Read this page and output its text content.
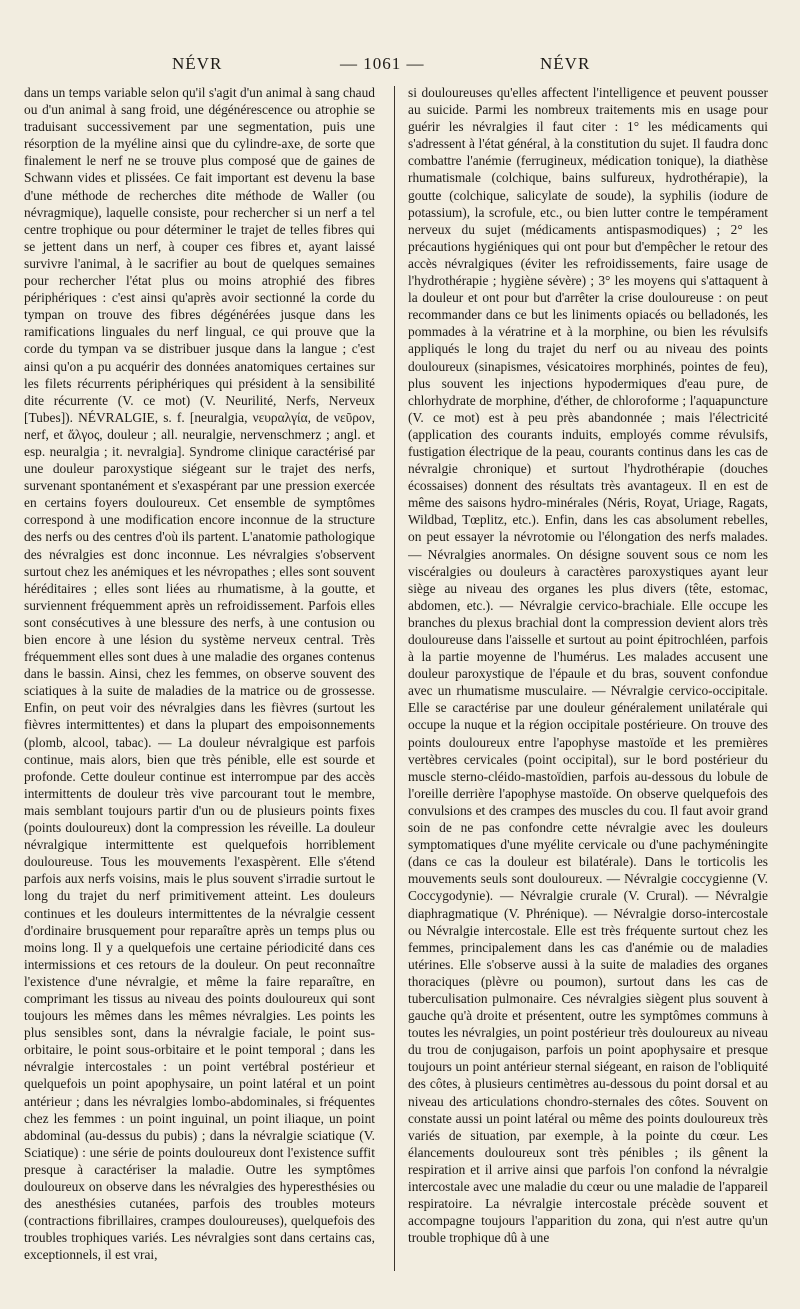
NÉVR	— 1061 —	NÉVR

dans un temps variable selon qu'il s'agit d'un animal à sang chaud ou d'un animal à sang froid, une dégénérescence ou atrophie se traduisant successivement par une segmentation, puis une résorption de la myéline ainsi que du cylindre-axe, de sorte que finalement le nerf ne se trouve plus composé que de gaines de Schwann vides et plissées. Ce fait important est devenu la base d'une méthode de recherches dite méthode de Waller (ou névragmique), laquelle consiste, pour rechercher si un nerf a tel centre trophique ou pour déterminer le trajet de telles fibres qui se jettent dans un nerf, à couper ces fibres et, ayant laissé survivre l'animal, à le sacrifier au bout de quelques semaines pour rechercher l'état plus ou moins atrophié des fibres périphériques : c'est ainsi qu'après avoir sectionné la corde du tympan on trouve des fibres dégénérées jusque dans les ramifications linguales du nerf lingual, ce qui prouve que la corde du tympan va se distribuer jusque dans la langue ; c'est ainsi qu'on a pu acquérir des données anatomiques certaines sur les filets récurrents périphériques qui président à la sensibilité dite récurrente (V. ce mot) (V. Neurilité, Nerfs, Nerveux [Tubes]). NÉVRALGIE, s. f. [neuralgia, νευραλγία, de νεῦρον, nerf, et ἄλγος, douleur ; all. neuralgie, nervenschmerz ; angl. et esp. neuralgia ; it. nevralgia]. Syndrome clinique caractérisé par une douleur paroxystique siégeant sur le trajet des nerfs, survenant spontanément et s'exaspérant par une pression exercée en certains foyers douloureux. Cet ensemble de symptômes correspond à une modification encore inconnue de la structure des nerfs ou des centres d'où ils partent. L'anatomie pathologique des névralgies est donc inconnue. Les névralgies s'observent surtout chez les anémiques et les névropathes ; elles sont souvent héréditaires ; elles sont liées au rhumatisme, à la goutte, et surviennent fréquemment après un refroidissement. Parfois elles sont consécutives à une blessure des nerfs, à une contusion ou bien encore à une lésion du système nerveux central. Très fréquemment elles sont dues à une maladie des organes contenus dans le bassin. Ainsi, chez les femmes, on observe souvent des sciatiques à la suite de maladies de la matrice ou de grossesse. Enfin, on peut voir des névralgies dans les fièvres (surtout les fièvres intermittentes) et dans la plupart des empoisonnements (plomb, alcool, tabac). — La douleur névralgique est parfois continue, mais alors, bien que très pénible, elle est sourde et profonde. Cette douleur continue est interrompue par des accès intermittents de douleur très vive parcourant tout le membre, mais semblant toujours partir d'un ou de plusieurs points fixes (points douloureux) dont la compression les réveille. La douleur névralgique intermittente est quelquefois horriblement douloureuse. Tous les mouvements l'exaspèrent. Elle s'étend parfois aux nerfs voisins, mais le plus souvent s'irradie surtout le long du trajet du nerf primitivement atteint. Les douleurs continues et les douleurs intermittentes de la névralgie cessent d'ordinaire brusquement pour reparaître après un temps plus ou moins long. Il y a quelquefois une certaine périodicité dans ces intermissions et ces retours de la douleur. On peut reconnaître l'existence d'une névralgie, et même la faire reparaître, en comprimant les tissus au niveau des points douloureux qui sont toujours les mêmes dans les mêmes névralgies. Les points les plus sensibles sont, dans la névralgie faciale, le point sus-orbitaire, le point sous-orbitaire et le point temporal ; dans les névralgie intercostales : un point vertébral postérieur et quelquefois un point apophysaire, un point latéral et un point antérieur ; dans les névralgies lombo-abdominales, si fréquentes chez les femmes : un point inguinal, un point iliaque, un point abdominal (au-dessus du pubis) ; dans la névralgie sciatique (V. Sciatique) : une série de points douloureux dont l'existence suffit presque à caractériser la maladie. Outre les symptômes douloureux on observe dans les névralgies des hyperesthésies ou des anesthésies cutanées, parfois des troubles moteurs (contractions fibrillaires, crampes douloureuses), quelquefois des troubles trophiques variés. Les névralgies sont dans certains cas, exceptionnels, il est vrai,

si douloureuses qu'elles affectent l'intelligence et peuvent pousser au suicide. Parmi les nombreux traitements mis en usage pour guérir les névralgies il faut citer : 1° les médicaments qui s'adressent à l'état général, à la constitution du sujet. Il faudra donc combattre l'anémie (ferrugineux, médication tonique), la diathèse rhumatismale (colchique, bains sulfureux, hydrothérapie), la goutte (colchique, salicylate de soude), la syphilis (iodure de potassium), la scrofule, etc., ou bien lutter contre le tempérament nerveux du sujet (médicaments antispasmodiques) ; 2° les précautions hygiéniques qui ont pour but d'empêcher le retour des accès névralgiques (éviter les refroidissements, faire usage de l'hydrothérapie ; hygiène sévère) ; 3° les moyens qui s'attaquent à la douleur et ont pour but d'arrêter la crise douloureuse : on peut recommander dans ce but les liniments opiacés ou belladonés, les pommades à la vératrine et à la morphine, ou bien les révulsifs appliqués le long du trajet du nerf ou au niveau des points douloureux (sinapismes, vésicatoires morphinés, pointes de feu), plus souvent les injections hypodermiques d'eau pure, de chlorhydrate de morphine, d'éther, de chloroforme ; l'aquapuncture (V. ce mot) est à peu près abandonnée ; mais l'électricité (application des courants induits, employés comme révulsifs, fustigation électrique de la peau, courants continus dans les cas de névralgie chronique) et surtout l'hydrothérapie (douches écossaises) donnent des résultats très avantageux. Il en est de même des saisons hydro-minérales (Néris, Royat, Uriage, Ragats, Wildbad, Tœplitz, etc.). Enfin, dans les cas absolument rebelles, on peut essayer la névrotomie ou l'élongation des nerfs malades. — Névralgies anormales. On désigne souvent sous ce nom les viscéralgies ou douleurs à caractères paroxystiques ayant leur siège au niveau des organes les plus divers (tête, estomac, abdomen, etc.). — Névralgie cervico-brachiale. Elle occupe les branches du plexus brachial dont la compression devient alors très douloureuse dans l'aisselle et surtout au point épitrochléen, parfois à la partie moyenne de l'humérus. Les malades accusent une douleur paroxystique de l'épaule et du bras, souvent confondue avec un rhumatisme musculaire. — Névralgie cervico-occipitale. Elle se caractérise par une douleur généralement unilatérale qui occupe la nuque et la région occipitale postérieure. On trouve des points douloureux entre l'apophyse mastoïde et les premières vertèbres cervicales (point occipital), sur le bord postérieur du muscle sterno-cléido-mastoïdien, parfois au-dessous du lobule de l'oreille derrière l'apophyse mastoïde. On observe quelquefois des convulsions et des crampes des muscles du cou. Il faut avoir grand soin de ne pas confondre cette névralgie avec les douleurs symptomatiques d'une myélite cervicale ou d'une pachyméningite (dans ce cas la douleur est bilatérale). Dans le torticolis les mouvements seuls sont douloureux. — Névralgie coccygienne (V. Coccygodynie). — Névralgie crurale (V. Crural). — Névralgie diaphragmatique (V. Phrénique). — Névralgie dorso-intercostale ou Névralgie intercostale. Elle est très fréquente surtout chez les femmes, principalement dans les cas d'anémie ou de maladies utérines. Elle s'observe aussi à la suite de maladies des organes thoraciques (plèvre ou poumon), surtout dans les cas de tuberculisation pulmonaire. Ces névralgies siègent plus souvent à gauche qu'à droite et présentent, outre les symptômes communs à toutes les névralgies, un point postérieur très douloureux au niveau du trou de conjugaison, parfois un point apophysaire et presque toujours un point antérieur sternal siégeant, en raison de l'obliquité des côtes, à plusieurs centimètres au-dessous du point dorsal et au niveau des articulations chondro-sternales des côtes. Souvent on constate aussi un point latéral ou même des points douloureux très variés de situation, par exemple, à la pointe du cœur. Les élancements douloureux sont très pénibles ; ils gênent la respiration et il arrive ainsi que parfois l'on confond la névralgie intercostale avec une maladie du cœur ou une maladie de l'appareil respiratoire. La névralgie intercostale précède souvent et accompagne toujours l'apparition du zona, qui n'est autre qu'un trouble trophique dû à une
